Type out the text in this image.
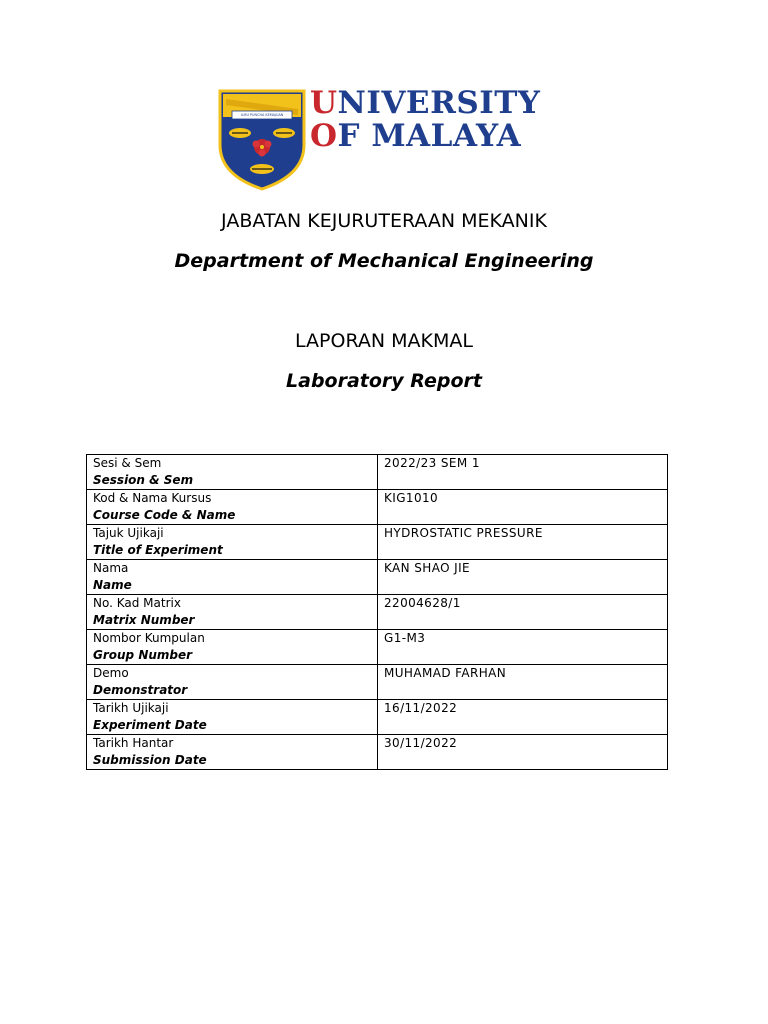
ILMU PUNCHA KEMAJUAN UNIVERSITY
OF MALAYA
JABATAN KEJURUTERAAN MEKANIK
Department of Mechanical Engineering
LAPORAN MAKMAL
Laboratory Report
Sesi & Sem
Session & Sem	2022/23 SEM 1

Kod & Nama Kursus
Course Code & Name	KIG1010

Tajuk Ujikaji
Title of Experiment	HYDROSTATIC PRESSURE

Nama
Name	KAN SHAO JIE

No. Kad Matrix
Matrix Number	22004628/1

Nombor Kumpulan
Group Number	G1-M3

Demo
Demonstrator	MUHAMAD FARHAN

Tarikh Ujikaji
Experiment Date	16/11/2022

Tarikh Hantar
Submission Date	30/11/2022
